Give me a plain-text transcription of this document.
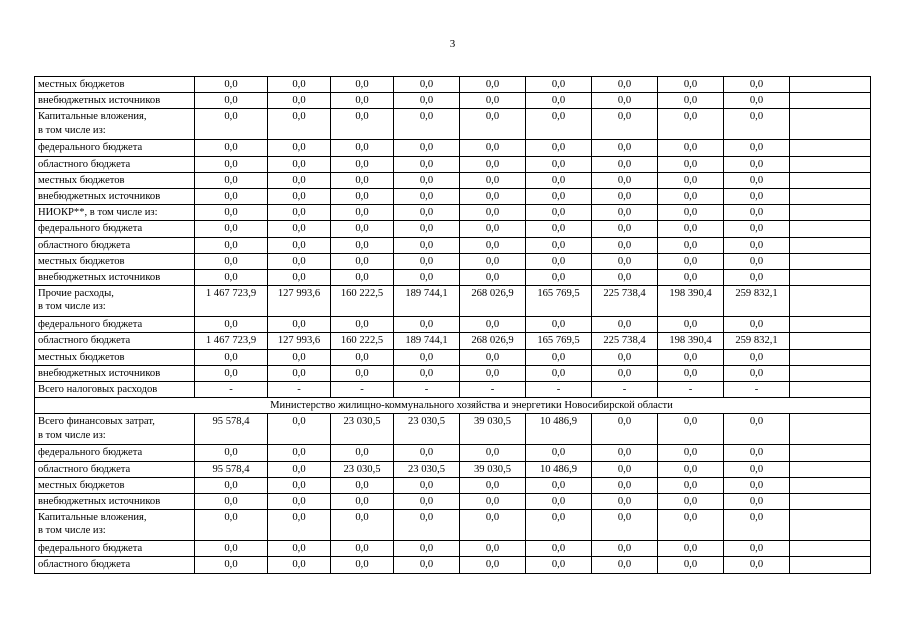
3
местных бюджетов	0,0	0,0	0,0	0,0	0,0	0,0	0,0	0,0	0,0	
внебюджетных источников	0,0	0,0	0,0	0,0	0,0	0,0	0,0	0,0	0,0	
Капитальные вложения,
в том числе из:	0,0	0,0	0,0	0,0	0,0	0,0	0,0	0,0	0,0	
федерального бюджета	0,0	0,0	0,0	0,0	0,0	0,0	0,0	0,0	0,0	
областного бюджета	0,0	0,0	0,0	0,0	0,0	0,0	0,0	0,0	0,0	
местных бюджетов	0,0	0,0	0,0	0,0	0,0	0,0	0,0	0,0	0,0	
внебюджетных источников	0,0	0,0	0,0	0,0	0,0	0,0	0,0	0,0	0,0	
НИОКР**, в том числе из:	0,0	0,0	0,0	0,0	0,0	0,0	0,0	0,0	0,0	
федерального бюджета	0,0	0,0	0,0	0,0	0,0	0,0	0,0	0,0	0,0	
областного бюджета	0,0	0,0	0,0	0,0	0,0	0,0	0,0	0,0	0,0	
местных бюджетов	0,0	0,0	0,0	0,0	0,0	0,0	0,0	0,0	0,0	
внебюджетных источников	0,0	0,0	0,0	0,0	0,0	0,0	0,0	0,0	0,0	
Прочие расходы,
в том числе из:	1 467 723,9	127 993,6	160 222,5	189 744,1	268 026,9	165 769,5	225 738,4	198 390,4	259 832,1	
федерального бюджета	0,0	0,0	0,0	0,0	0,0	0,0	0,0	0,0	0,0	
областного бюджета	1 467 723,9	127 993,6	160 222,5	189 744,1	268 026,9	165 769,5	225 738,4	198 390,4	259 832,1	
местных бюджетов	0,0	0,0	0,0	0,0	0,0	0,0	0,0	0,0	0,0	
внебюджетных источников	0,0	0,0	0,0	0,0	0,0	0,0	0,0	0,0	0,0	
Всего налоговых расходов	-	-	-	-	-	-	-	-	-	
Министерство жилищно-коммунального хозяйства и энергетики Новосибирской области										
Всего финансовых затрат,
в том числе из:	95 578,4	0,0	23 030,5	23 030,5	39 030,5	10 486,9	0,0	0,0	0,0	
федерального бюджета	0,0	0,0	0,0	0,0	0,0	0,0	0,0	0,0	0,0	
областного бюджета	95 578,4	0,0	23 030,5	23 030,5	39 030,5	10 486,9	0,0	0,0	0,0	
местных бюджетов	0,0	0,0	0,0	0,0	0,0	0,0	0,0	0,0	0,0	
внебюджетных источников	0,0	0,0	0,0	0,0	0,0	0,0	0,0	0,0	0,0	
Капитальные вложения,
в том числе из:	0,0	0,0	0,0	0,0	0,0	0,0	0,0	0,0	0,0	
федерального бюджета	0,0	0,0	0,0	0,0	0,0	0,0	0,0	0,0	0,0	
областного бюджета	0,0	0,0	0,0	0,0	0,0	0,0	0,0	0,0	0,0	
